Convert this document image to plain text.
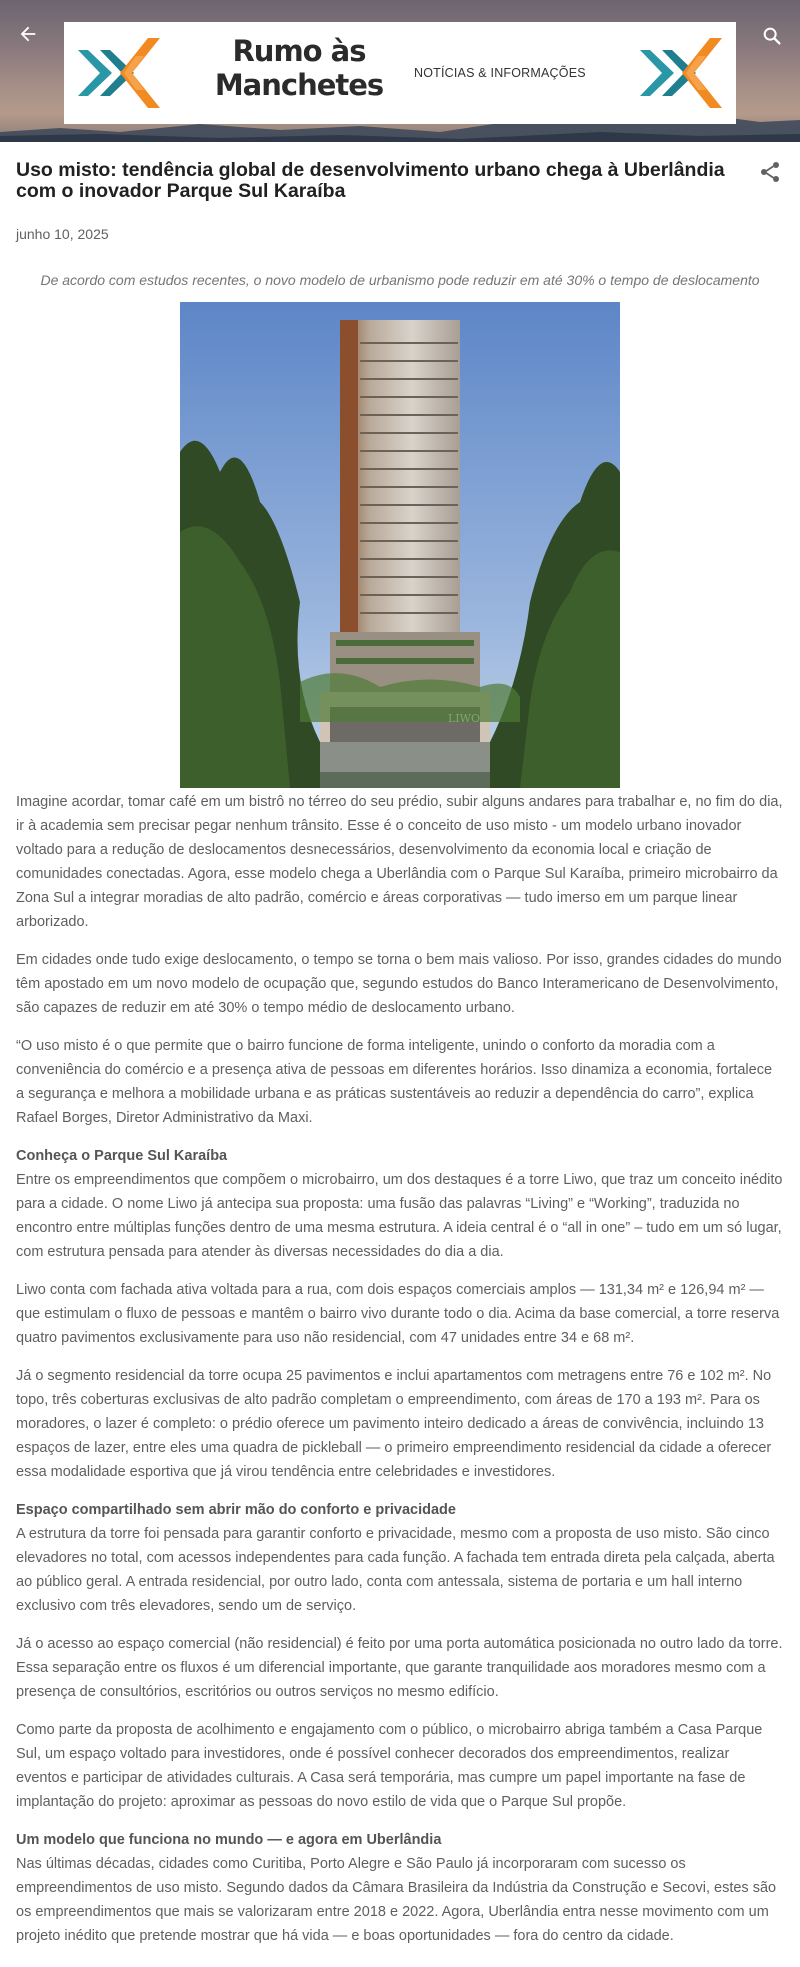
Rumo às
Manchetes NOTÍCIAS & INFORMAÇÕES
Uso misto: tendência global de desenvolvimento urbano chega à Uberlândia com o inovador Parque Sul Karaíba
junho 10, 2025
De acordo com estudos recentes, o novo modelo de urbanismo pode reduzir em até 30% o tempo de deslocamento

Imagine acordar, tomar café em um bistrô no térreo do seu prédio, subir alguns andares para trabalhar e, no fim do dia, ir à academia sem precisar pegar nenhum trânsito. Esse é o conceito de uso misto - um modelo urbano inovador voltado para a redução de deslocamentos desnecessários, desenvolvimento da economia local e criação de comunidades conectadas. Agora, esse modelo chega a Uberlândia com o Parque Sul Karaíba, primeiro microbairro da Zona Sul a integrar moradias de alto padrão, comércio e áreas corporativas — tudo imerso em um parque linear arborizado.

Em cidades onde tudo exige deslocamento, o tempo se torna o bem mais valioso. Por isso, grandes cidades do mundo têm apostado em um novo modelo de ocupação que, segundo estudos do Banco Interamericano de Desenvolvimento, são capazes de reduzir em até 30% o tempo médio de deslocamento urbano.

“O uso misto é o que permite que o bairro funcione de forma inteligente, unindo o conforto da moradia com a conveniência do comércio e a presença ativa de pessoas em diferentes horários. Isso dinamiza a economia, fortalece a segurança e melhora a mobilidade urbana e as práticas sustentáveis ao reduzir a dependência do carro”, explica Rafael Borges, Diretor Administrativo da Maxi.

Conheça o Parque Sul Karaíba

Entre os empreendimentos que compõem o microbairro, um dos destaques é a torre Liwo, que traz um conceito inédito para a cidade. O nome Liwo já antecipa sua proposta: uma fusão das palavras “Living” e “Working”, traduzida no encontro entre múltiplas funções dentro de uma mesma estrutura. A ideia central é o “all in one” – tudo em um só lugar, com estrutura pensada para atender às diversas necessidades do dia a dia.

Liwo conta com fachada ativa voltada para a rua, com dois espaços comerciais amplos — 131,34 m² e 126,94 m² — que estimulam o fluxo de pessoas e mantêm o bairro vivo durante todo o dia. Acima da base comercial, a torre reserva quatro pavimentos exclusivamente para uso não residencial, com 47 unidades entre 34 e 68 m².

Já o segmento residencial da torre ocupa 25 pavimentos e inclui apartamentos com metragens entre 76 e 102 m². No topo, três coberturas exclusivas de alto padrão completam o empreendimento, com áreas de 170 a 193 m². Para os moradores, o lazer é completo: o prédio oferece um pavimento inteiro dedicado a áreas de convivência, incluindo 13 espaços de lazer, entre eles uma quadra de pickleball — o primeiro empreendimento residencial da cidade a oferecer essa modalidade esportiva que já virou tendência entre celebridades e investidores.

Espaço compartilhado sem abrir mão do conforto e privacidade

A estrutura da torre foi pensada para garantir conforto e privacidade, mesmo com a proposta de uso misto. São cinco elevadores no total, com acessos independentes para cada função. A fachada tem entrada direta pela calçada, aberta ao público geral. A entrada residencial, por outro lado, conta com antessala, sistema de portaria e um hall interno exclusivo com três elevadores, sendo um de serviço.

Já o acesso ao espaço comercial (não residencial) é feito por uma porta automática posicionada no outro lado da torre. Essa separação entre os fluxos é um diferencial importante, que garante tranquilidade aos moradores mesmo com a presença de consultórios, escritórios ou outros serviços no mesmo edifício.

Como parte da proposta de acolhimento e engajamento com o público, o microbairro abriga também a Casa Parque Sul, um espaço voltado para investidores, onde é possível conhecer decorados dos empreendimentos, realizar eventos e participar de atividades culturais. A Casa será temporária, mas cumpre um papel importante na fase de implantação do projeto: aproximar as pessoas do novo estilo de vida que o Parque Sul propõe.

Um modelo que funciona no mundo — e agora em Uberlândia

Nas últimas décadas, cidades como Curitiba, Porto Alegre e São Paulo já incorporaram com sucesso os empreendimentos de uso misto. Segundo dados da Câmara Brasileira da Indústria da Construção e Secovi, estes são os empreendimentos que mais se valorizaram entre 2018 e 2022. Agora, Uberlândia entra nesse movimento com um projeto inédito que pretende mostrar que há vida — e boas oportunidades — fora do centro da cidade.
